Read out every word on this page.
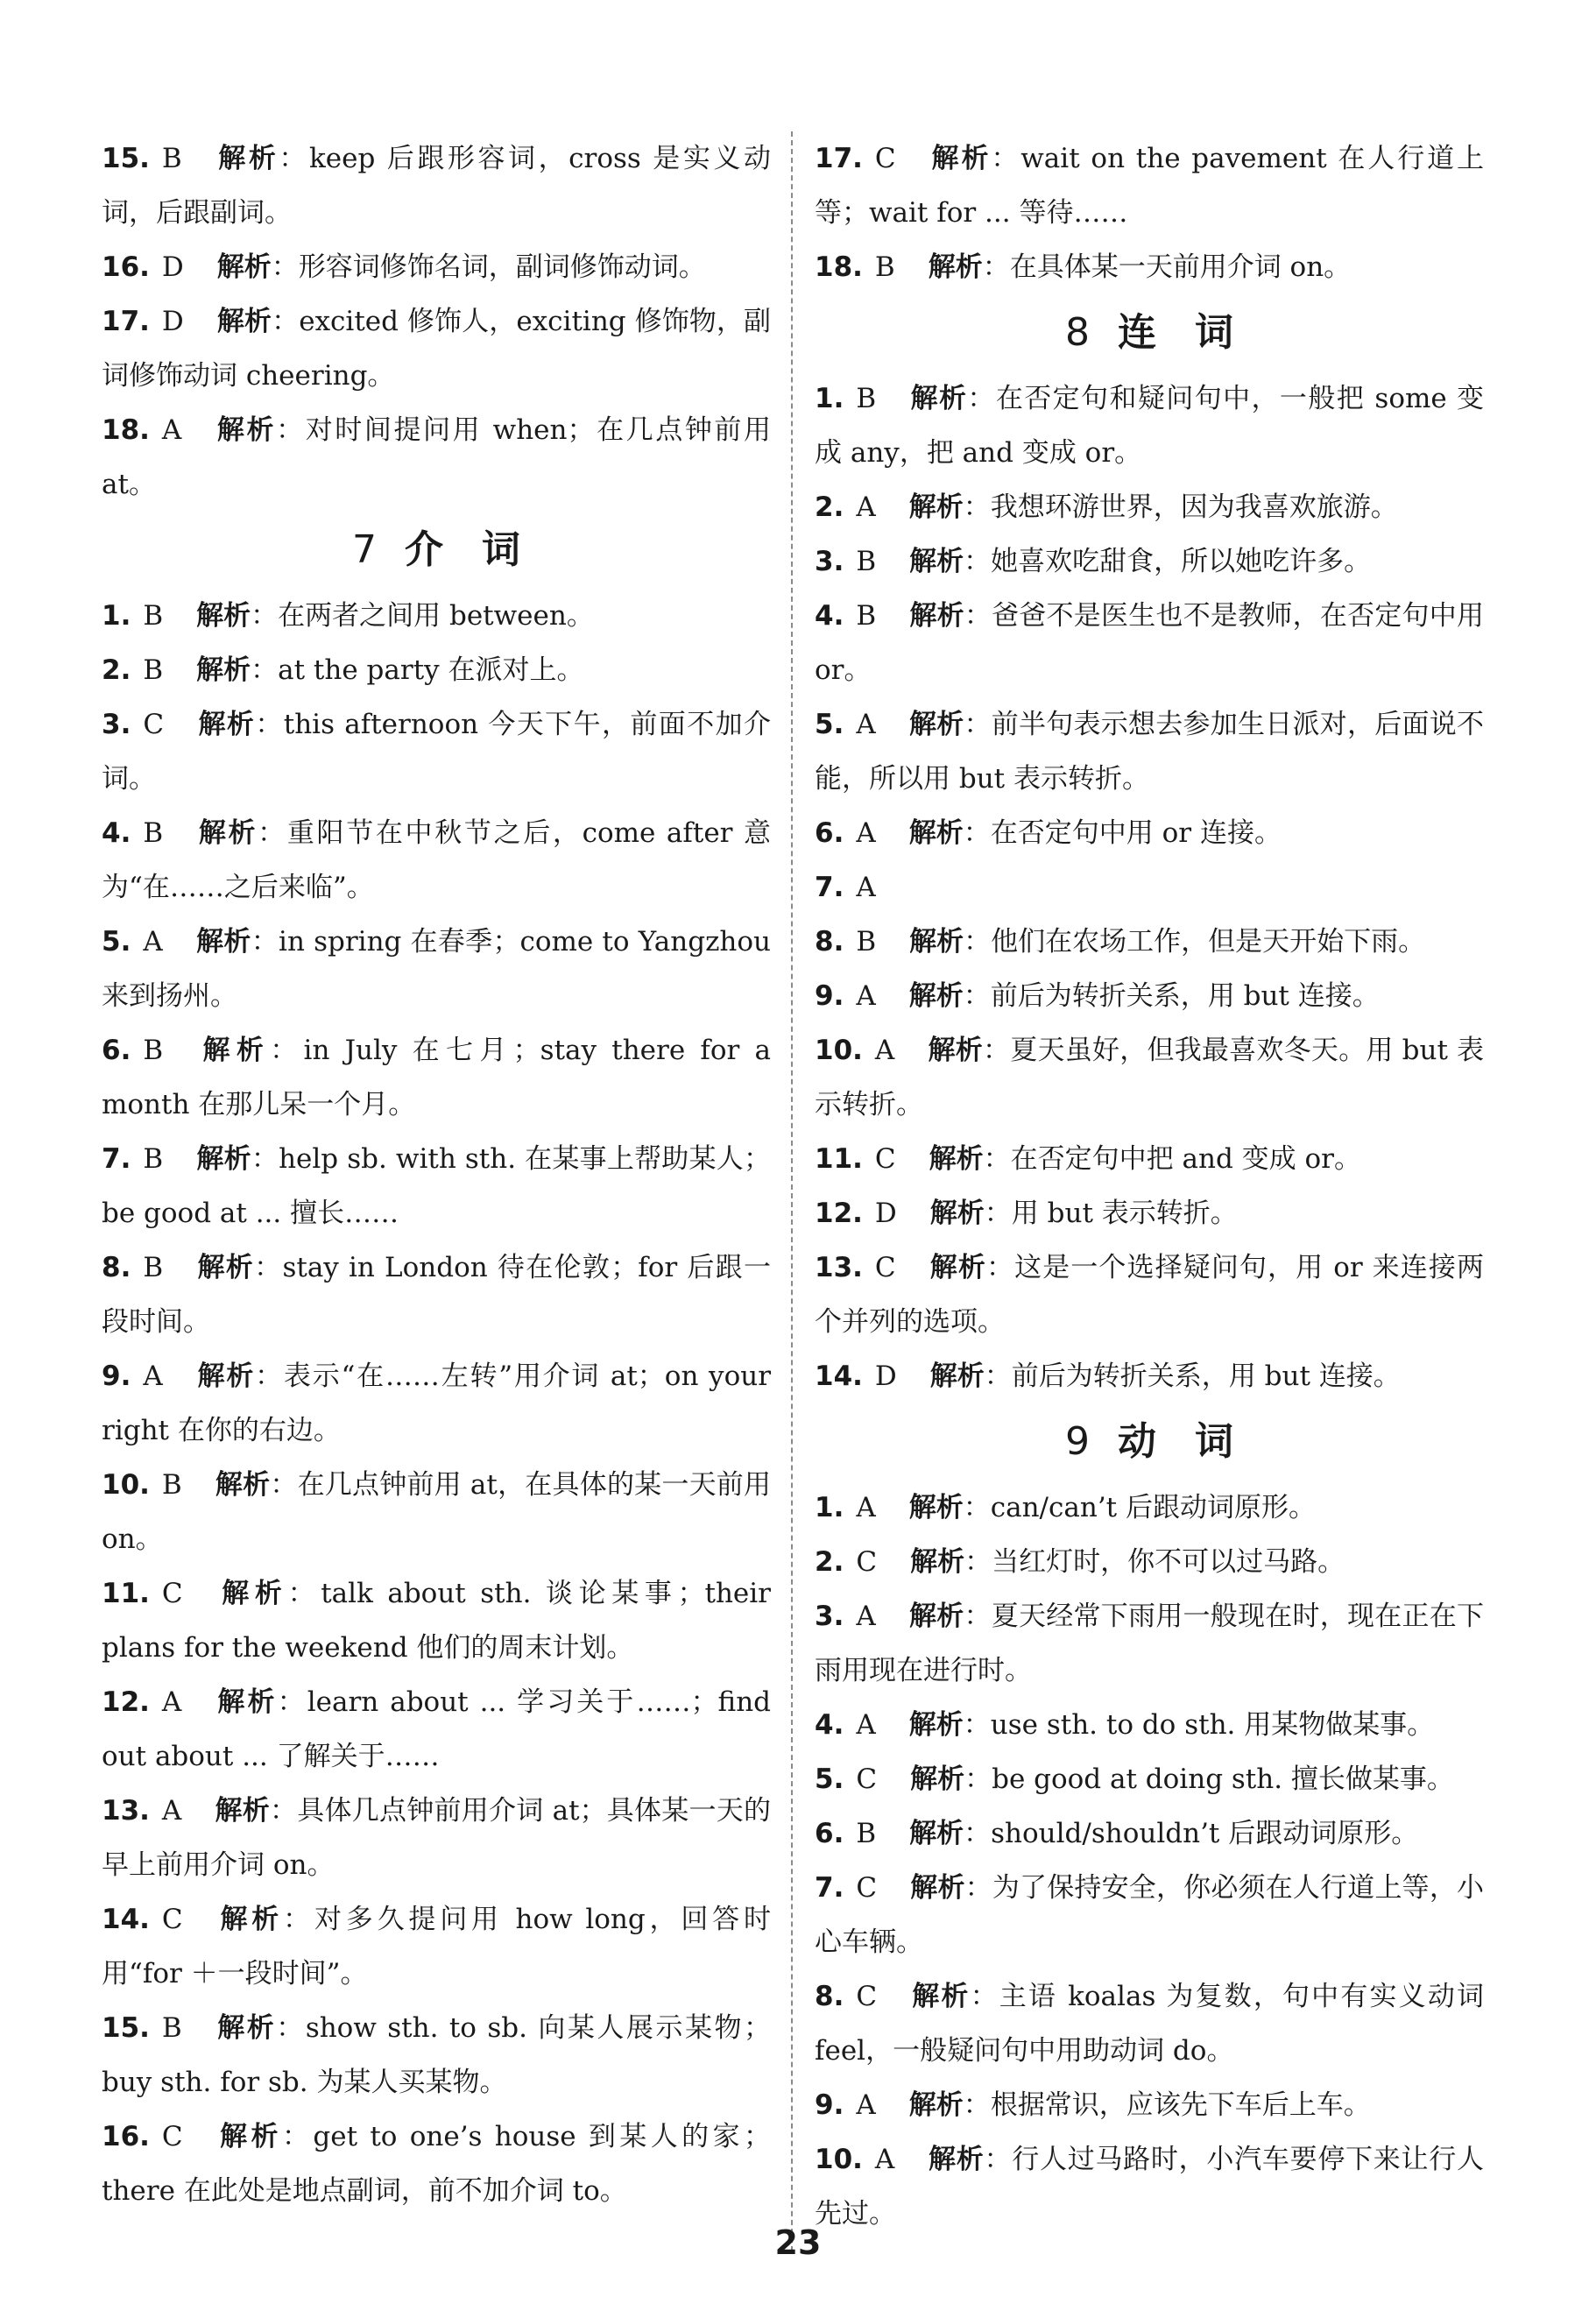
15. B 解析：keep 后跟形容词，cross 是实义动词，后跟副词。

16. D 解析：形容词修饰名词，副词修饰动词。

17. D 解析：excited 修饰人，exciting 修饰物，副词修饰动词 cheering。

18. A 解析：对时间提问用 when；在几点钟前用 at。

7 介　词

1. B 解析：在两者之间用 between。

2. B 解析：at the party 在派对上。

3. C 解析：this afternoon 今天下午，前面不加介词。

4. B 解析：重阳节在中秋节之后，come after 意为“在……之后来临”。

5. A 解析：in spring 在春季；come to Yangzhou 来到扬州。

6. B 解析：in July 在七月；stay there for a month 在那儿呆一个月。

7. B 解析：help sb. with sth. 在某事上帮助某人；be good at ... 擅长……

8. B 解析：stay in London 待在伦敦；for 后跟一段时间。

9. A 解析：表示“在……左转”用介词 at；on your right 在你的右边。

10. B 解析：在几点钟前用 at，在具体的某一天前用 on。

11. C 解析：talk about sth. 谈论某事；their plans for the weekend 他们的周末计划。

12. A 解析：learn about ... 学习关于……；find out about ... 了解关于……

13. A 解析：具体几点钟前用介词 at；具体某一天的早上前用介词 on。

14. C 解析：对多久提问用 how long，回答时用“for ＋一段时间”。

15. B 解析：show sth. to sb. 向某人展示某物；buy sth. for sb. 为某人买某物。

16. C 解析：get to one’s house 到某人的家；there 在此处是地点副词，前不加介词 to。

17. C 解析：wait on the pavement 在人行道上等；wait for ... 等待……

18. B 解析：在具体某一天前用介词 on。

8 连　词

1. B 解析：在否定句和疑问句中，一般把 some 变成 any，把 and 变成 or。

2. A 解析：我想环游世界，因为我喜欢旅游。

3. B 解析：她喜欢吃甜食，所以她吃许多。

4. B 解析：爸爸不是医生也不是教师，在否定句中用 or。

5. A 解析：前半句表示想去参加生日派对，后面说不能，所以用 but 表示转折。

6. A 解析：在否定句中用 or 连接。

7. A

8. B 解析：他们在农场工作，但是天开始下雨。

9. A 解析：前后为转折关系，用 but 连接。

10. A 解析：夏天虽好，但我最喜欢冬天。用 but 表示转折。

11. C 解析：在否定句中把 and 变成 or。

12. D 解析：用 but 表示转折。

13. C 解析：这是一个选择疑问句，用 or 来连接两个并列的选项。

14. D 解析：前后为转折关系，用 but 连接。

9 动　词

1. A 解析：can/can’t 后跟动词原形。

2. C 解析：当红灯时，你不可以过马路。

3. A 解析：夏天经常下雨用一般现在时，现在正在下雨用现在进行时。

4. A 解析：use sth. to do sth. 用某物做某事。

5. C 解析：be good at doing sth. 擅长做某事。

6. B 解析：should/shouldn’t 后跟动词原形。

7. C 解析：为了保持安全，你必须在人行道上等，小心车辆。

8. C 解析：主语 koalas 为复数，句中有实义动词 feel，一般疑问句中用助动词 do。

9. A 解析：根据常识，应该先下车后上车。

10. A 解析：行人过马路时，小汽车要停下来让行人先过。

23
